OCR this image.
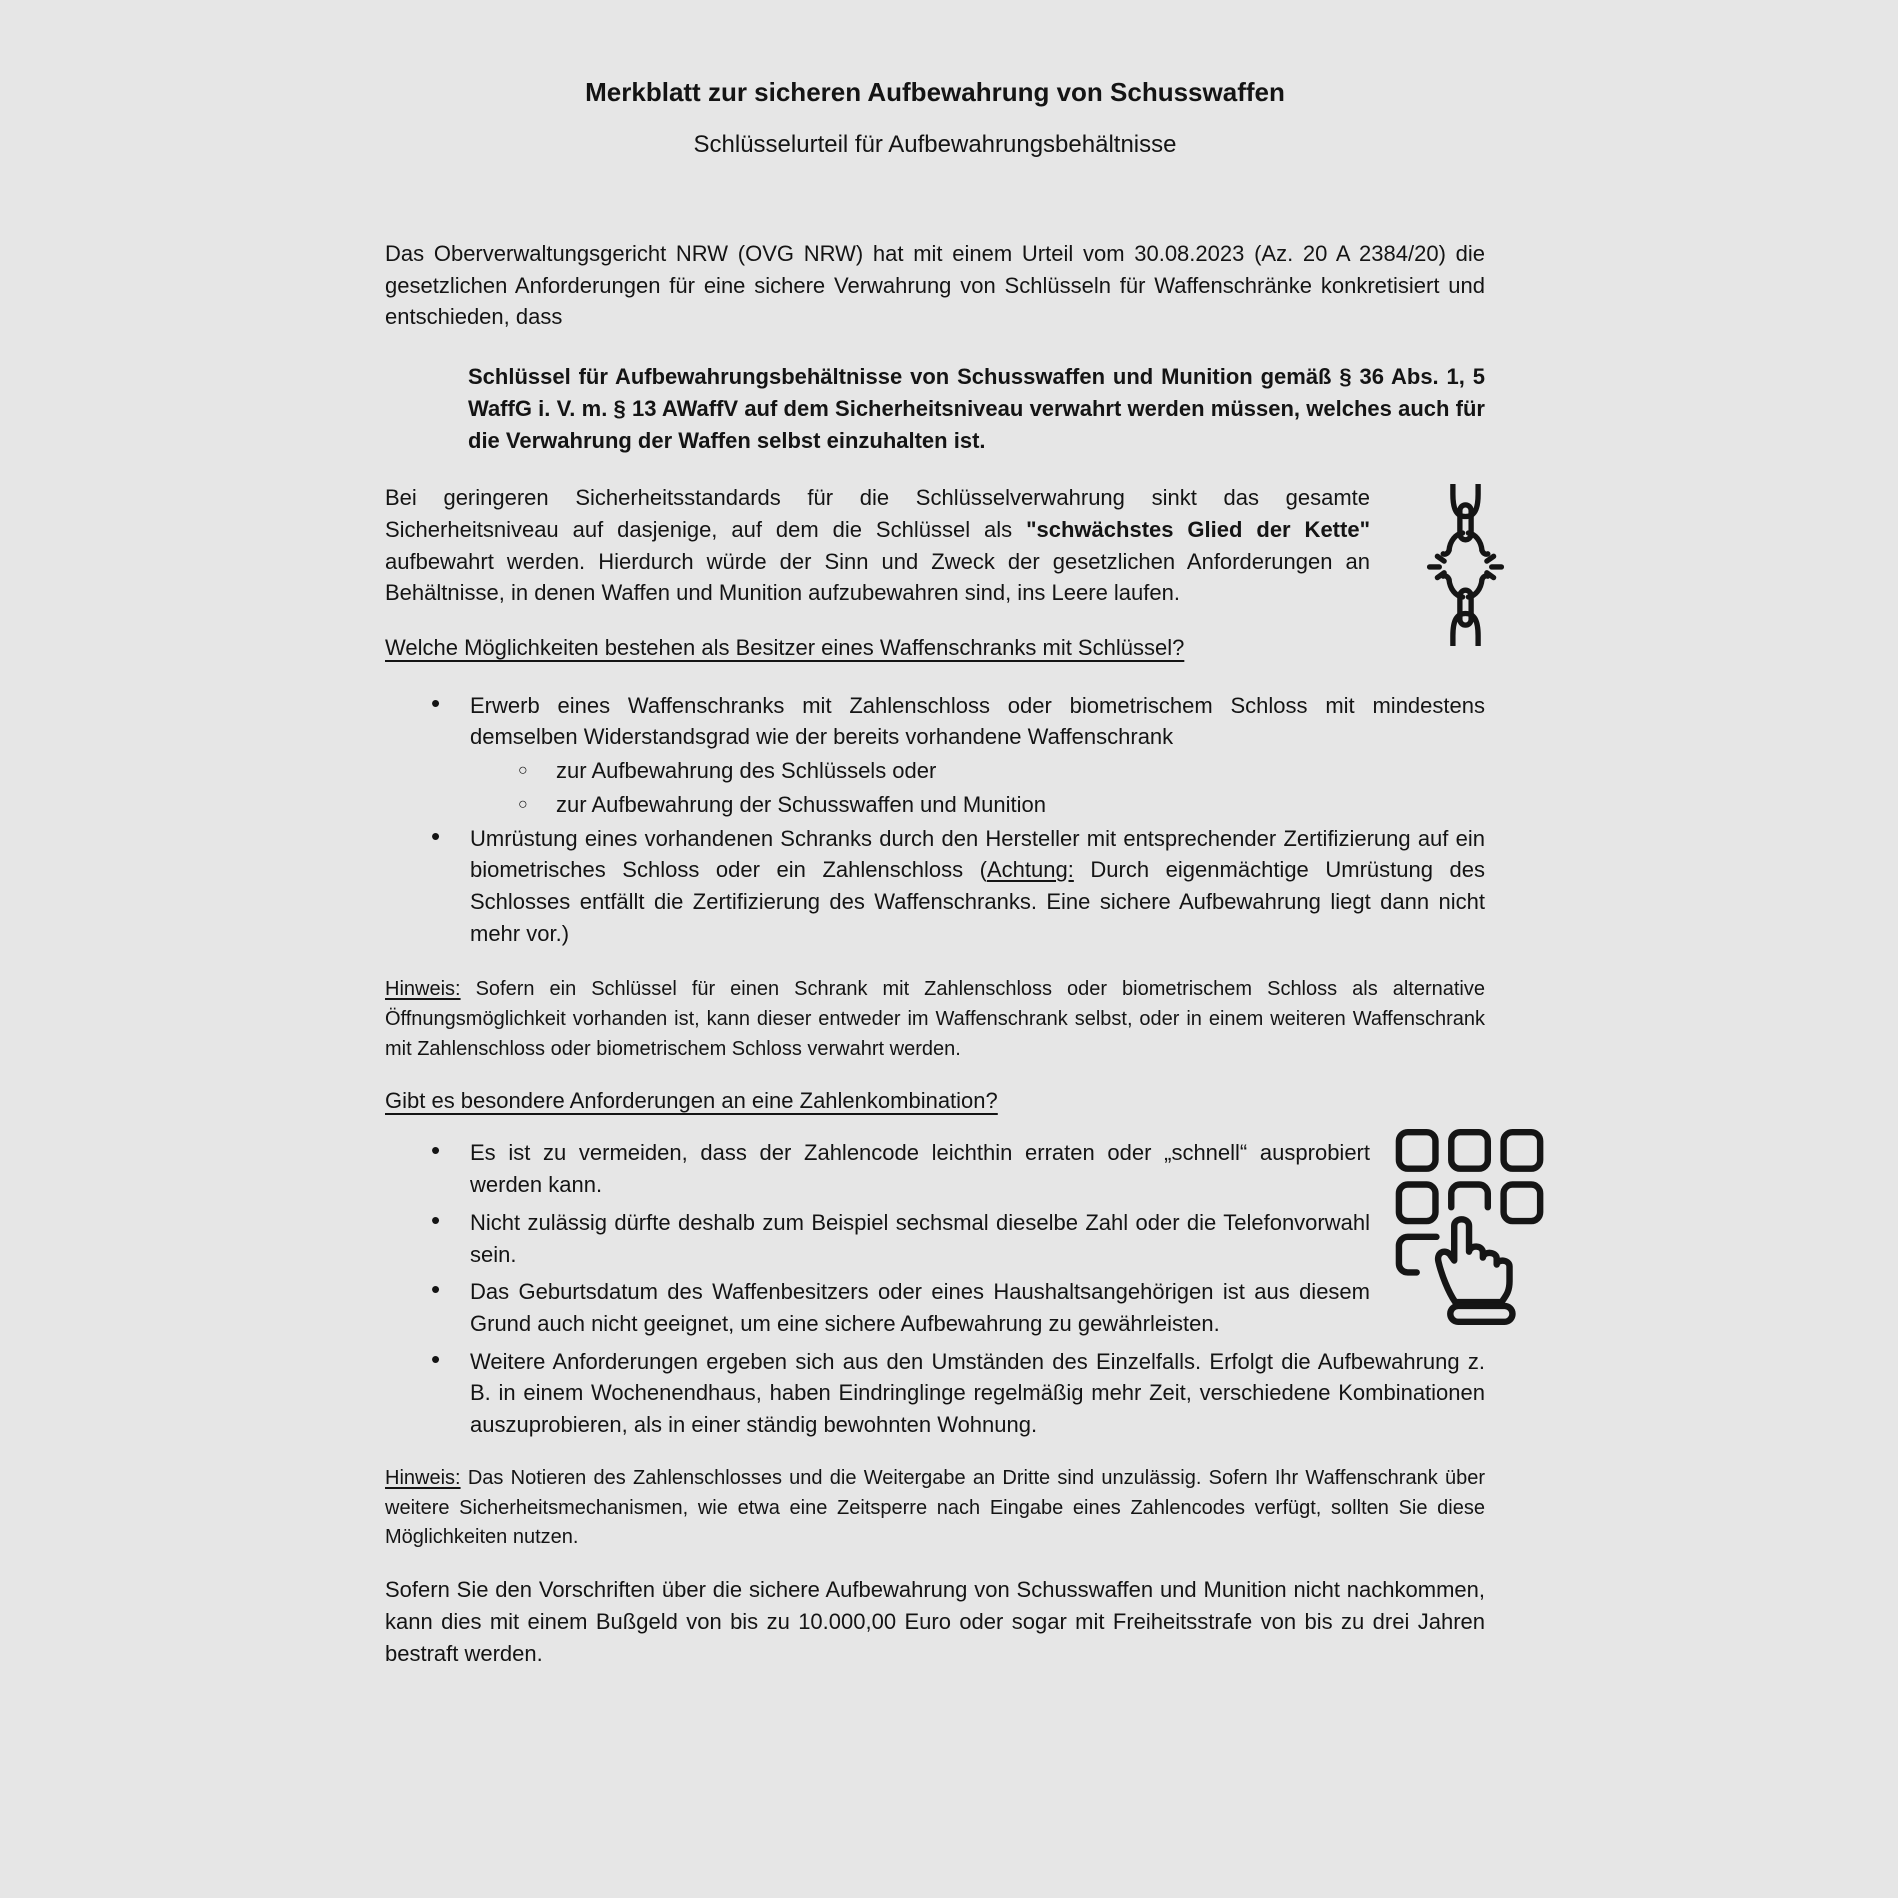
Merkblatt zur sicheren Aufbewahrung von Schusswaffen
Schlüsselurteil für Aufbewahrungsbehältnisse

Das Oberverwaltungsgericht NRW (OVG NRW) hat mit einem Urteil vom 30.08.2023 (Az. 20 A 2384/20) die gesetzlichen Anforderungen für eine sichere Verwahrung von Schlüsseln für Waffenschränke konkretisiert und entschieden, dass

Schlüssel für Aufbewahrungsbehältnisse von Schusswaffen und Munition gemäß § 36 Abs. 1, 5 WaffG i. V. m. § 13 AWaffV auf dem Sicherheitsniveau verwahrt werden müssen, welches auch für die Verwahrung der Waffen selbst einzuhalten ist.

Bei geringeren Sicherheitsstandards für die Schlüsselverwahrung sinkt das gesamte Sicherheitsniveau auf dasjenige, auf dem die Schlüssel als "schwächstes Glied der Kette" aufbewahrt werden. Hierdurch würde der Sinn und Zweck der gesetzlichen Anforderungen an Behältnisse, in denen Waffen und Munition aufzubewahren sind, ins Leere laufen.

Welche Möglichkeiten bestehen als Besitzer eines Waffenschranks mit Schlüssel?
• Erwerb eines Waffenschranks mit Zahlenschloss oder biometrischem Schloss mit mindestens demselben Widerstandsgrad wie der bereits vorhandene Waffenschrank
○ zur Aufbewahrung des Schlüssels oder
○ zur Aufbewahrung der Schusswaffen und Munition
• Umrüstung eines vorhandenen Schranks durch den Hersteller mit entsprechender Zertifizierung auf ein biometrisches Schloss oder ein Zahlenschloss (Achtung: Durch eigenmächtige Umrüstung des Schlosses entfällt die Zertifizierung des Waffenschranks. Eine sichere Aufbewahrung liegt dann nicht mehr vor.)

Hinweis: Sofern ein Schlüssel für einen Schrank mit Zahlenschloss oder biometrischem Schloss als alternative Öffnungsmöglichkeit vorhanden ist, kann dieser entweder im Waffenschrank selbst, oder in einem weiteren Waffenschrank mit Zahlenschloss oder biometrischem Schloss verwahrt werden.

Gibt es besondere Anforderungen an eine Zahlenkombination?
• Es ist zu vermeiden, dass der Zahlencode leichthin erraten oder „schnell“ ausprobiert werden kann.
• Nicht zulässig dürfte deshalb zum Beispiel sechsmal dieselbe Zahl oder die Telefonvorwahl sein.
• Das Geburtsdatum des Waffenbesitzers oder eines Haushaltsangehörigen ist aus diesem Grund auch nicht geeignet, um eine sichere Aufbewahrung zu gewährleisten.
• Weitere Anforderungen ergeben sich aus den Umständen des Einzelfalls. Erfolgt die Aufbewahrung z. B. in einem Wochenendhaus, haben Eindringlinge regelmäßig mehr Zeit, verschiedene Kombinationen auszuprobieren, als in einer ständig bewohnten Wohnung.

Hinweis: Das Notieren des Zahlenschlosses und die Weitergabe an Dritte sind unzulässig. Sofern Ihr Waffenschrank über weitere Sicherheitsmechanismen, wie etwa eine Zeitsperre nach Eingabe eines Zahlencodes verfügt, sollten Sie diese Möglichkeiten nutzen.

Sofern Sie den Vorschriften über die sichere Aufbewahrung von Schusswaffen und Munition nicht nachkommen, kann dies mit einem Bußgeld von bis zu 10.000,00 Euro oder sogar mit Freiheitsstrafe von bis zu drei Jahren bestraft werden.
